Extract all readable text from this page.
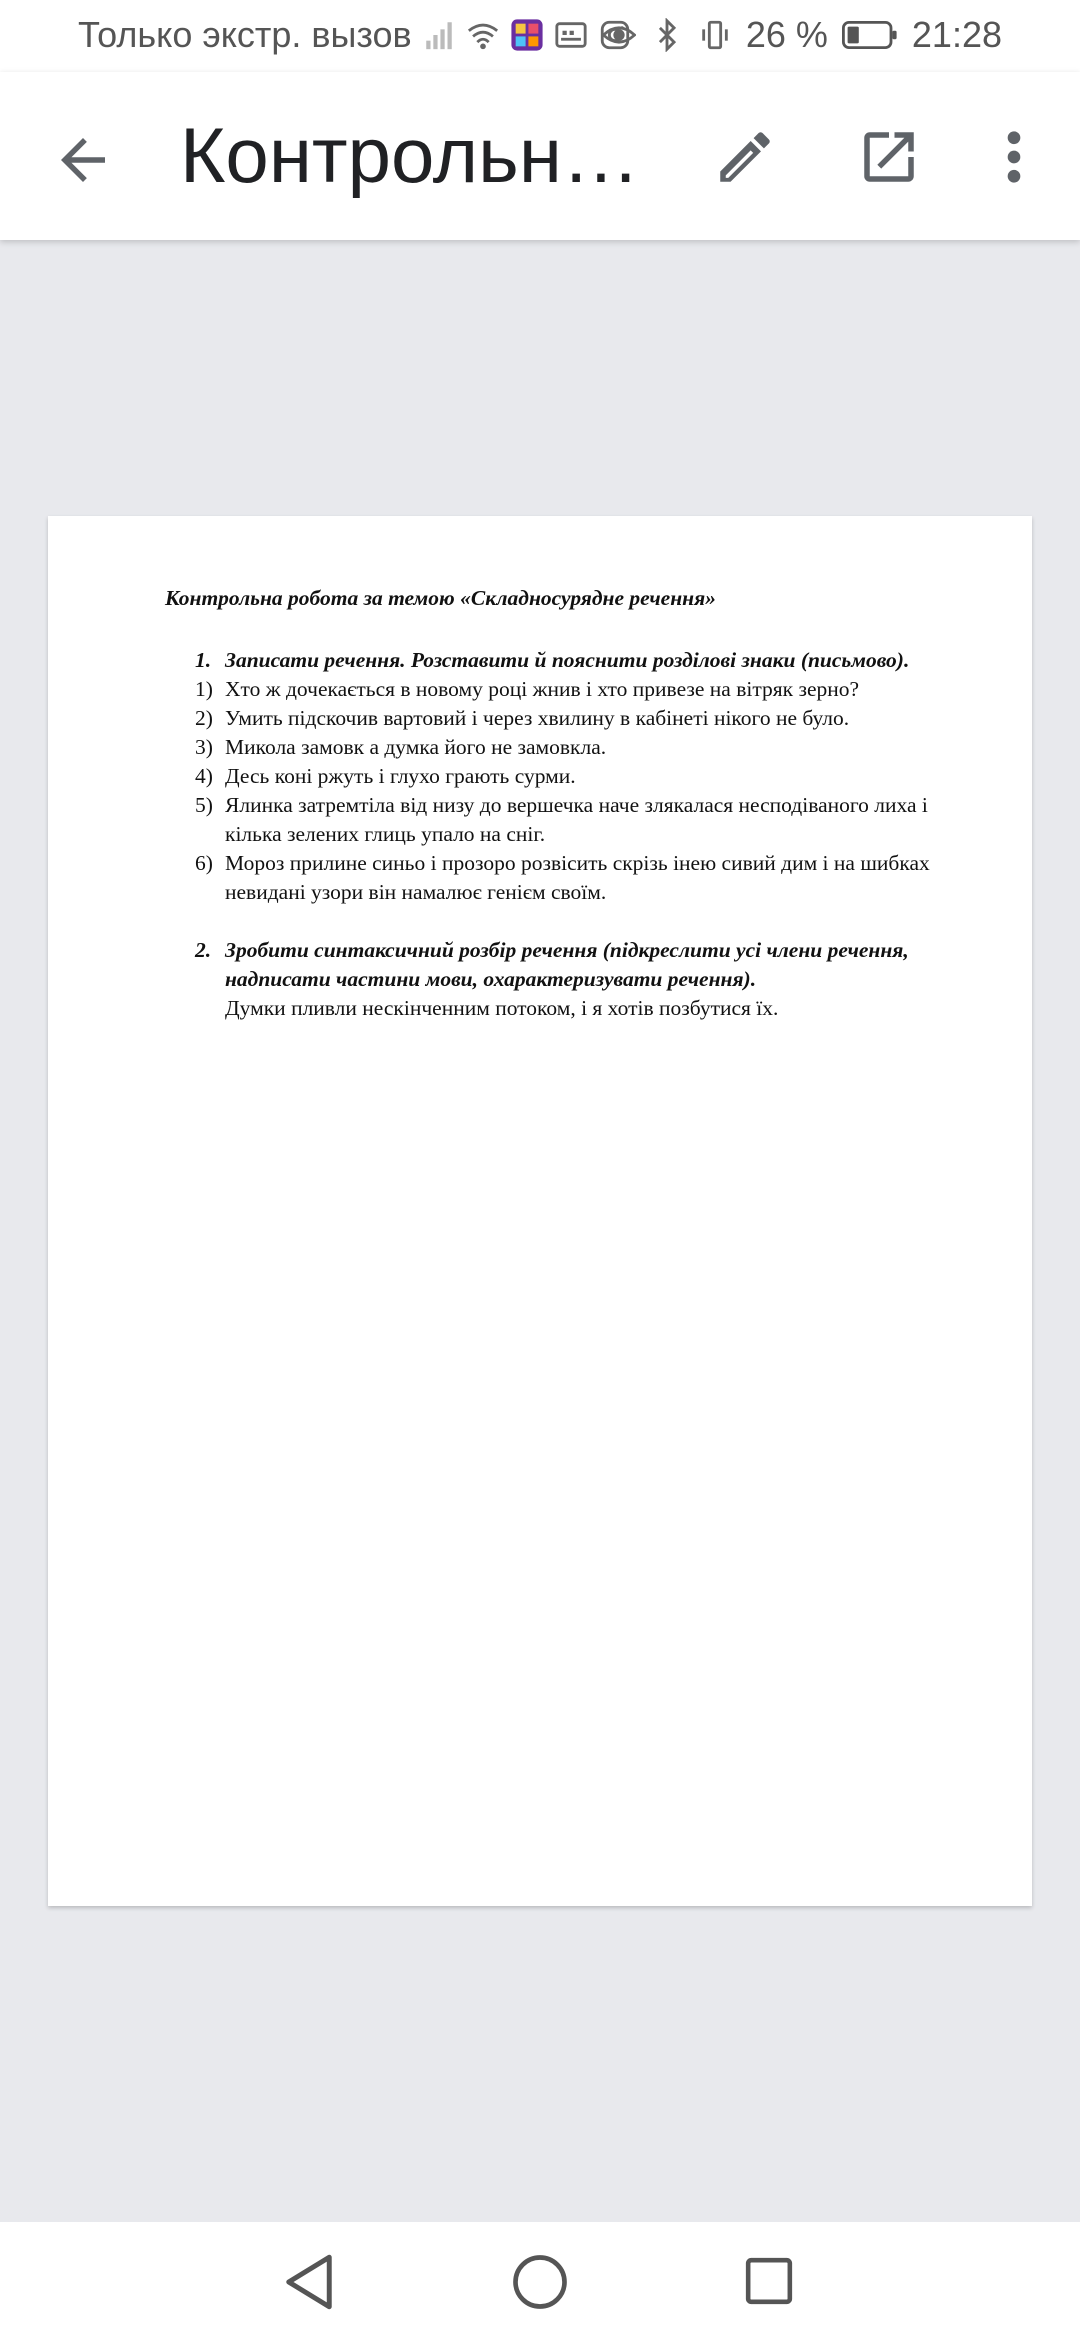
Только экстр. вызов	26 % 21:28
Контрольна...
Контрольна робота за темою «Складносурядне речення»
1. Записати речення. Розставити й пояснити розділові знаки (письмово).
1) Хто ж дочекається в новому році жнив і хто привезе на вітряк зерно?
2) Умить підскочив вартовий і через хвилину в кабінеті нікого не було.
3) Микола замовк а думка його не замовкла.
4) Десь коні ржуть і глухо грають сурми.
5) Ялинка затремтіла від низу до вершечка наче злякалася несподіваного лиха і кілька зелених глиць упало на сніг.
6) Мороз прилине синьо і прозоро розвісить скрізь інею сивий дим і на шибках невидані узори він намалює генієм своїм.
2. Зробити синтаксичний розбір речення (підкреслити усі члени речення, надписати частини мови, охарактеризувати речення).
Думки пливли нескінченним потоком, і я хотів позбутися їх.
